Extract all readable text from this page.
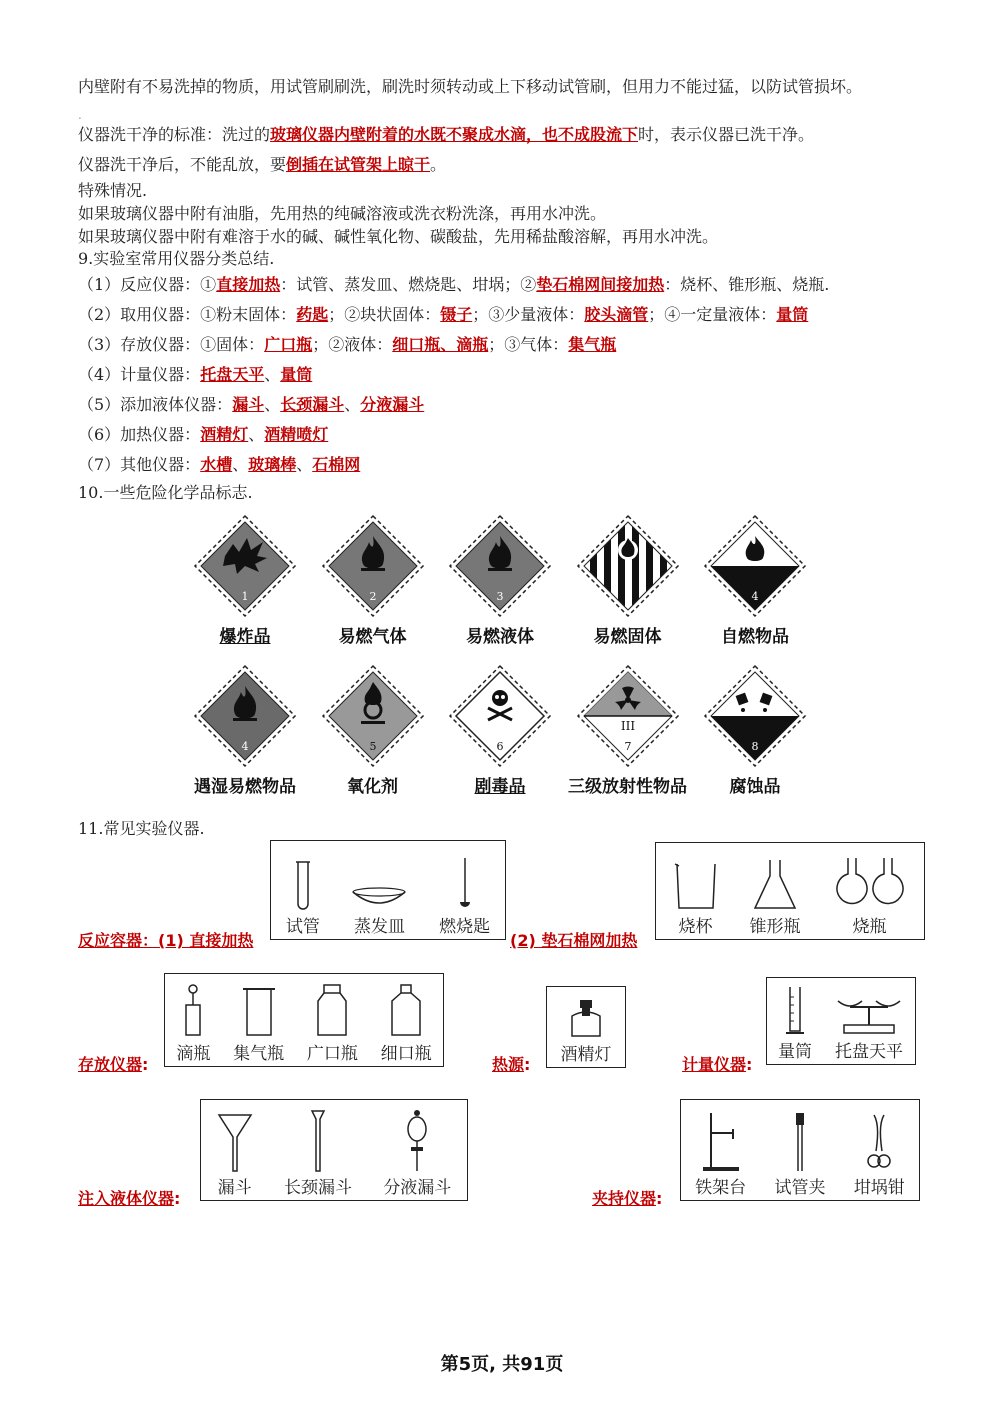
内壁附有不易洗掉的物质，用试管刷刷洗，刷洗时须转动或上下移动试管刷，但用力不能过猛，以防试管损坏。
.
仪器洗干净的标准：洗过的玻璃仪器内壁附着的水既不聚成水滴，也不成股流下时，表示仪器已洗干净。
仪器洗干净后，不能乱放，要倒插在试管架上晾干。
特殊情况.
如果玻璃仪器中附有油脂，先用热的纯碱溶液或洗衣粉洗涤，再用水冲洗。
如果玻璃仪器中附有难溶于水的碱、碱性氧化物、碳酸盐，先用稀盐酸溶解，再用水冲洗。
9.实验室常用仪器分类总结.
（1）反应仪器：①直接加热：试管、蒸发皿、燃烧匙、坩埚；②垫石棉网间接加热：烧杯、锥形瓶、烧瓶.
（2）取用仪器：①粉末固体：药匙；②块状固体：镊子；③少量液体：胶头滴管；④一定量液体：量筒
（3）存放仪器：①固体：广口瓶；②液体：细口瓶、滴瓶；③气体：集气瓶
（4）计量仪器：托盘天平、量筒
（5）添加液体仪器：漏斗、长颈漏斗、分液漏斗
（6）加热仪器：酒精灯、酒精喷灯
（7）其他仪器：水槽、玻璃棒、石棉网
10.一些危险化学品标志.
1
爆炸品
2
易燃气体
3
易燃液体	易燃固体
4
自燃物品
4
遇湿易燃物品
5
氧化剂
6
剧毒品
III
7
三级放射性物品
8
腐蚀品
11.常见实验仪器.
反应容器：(1) 直接加热
试管 蒸发皿 燃烧匙
(2) 垫石棉网加热
烧杯 锥形瓶	烧瓶
存放仪器:
滴瓶 集气瓶 广口瓶 细口瓶
热源: 酒精灯	计量仪器:
量筒 托盘天平
注入液体仪器:
漏斗 长颈漏斗 分液漏斗
夹持仪器:
铁架台 试管夹 坩埚钳
第5页, 共91页
